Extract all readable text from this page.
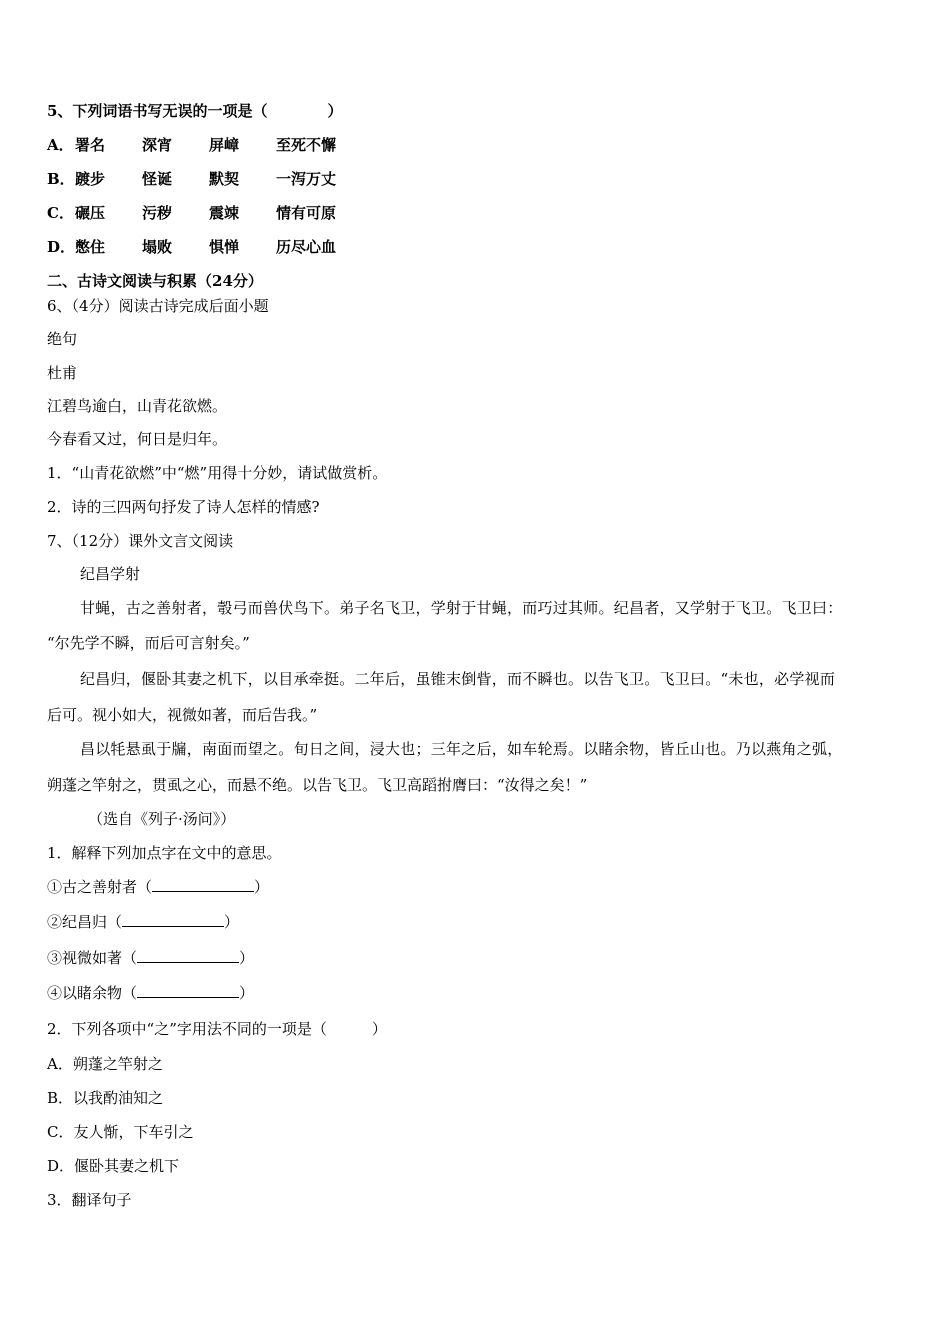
5、下列词语书写无误的一项是（　　　　）
A． 署名 深宵 屏嶂 至死不懈
B． 踱步 怪诞 默契 一泻万丈
C． 碾压 污秽 震竦 情有可原
D． 憋住 塌败 惧惮 历尽心血
二、古诗文阅读与积累（24分）
6、（4分）阅读古诗完成后面小题
绝句
杜甫
江碧鸟逾白，山青花欲燃。
今春看又过，何日是归年。
1．“山青花欲燃”中“燃”用得十分妙，请试做赏析。
2．诗的三四两句抒发了诗人怎样的情感?
7、（12分）课外文言文阅读
纪昌学射
甘蝇，古之善射者，彀弓而兽伏鸟下。弟子名飞卫，学射于甘蝇，而巧过其师。纪昌者，又学射于飞卫。飞卫曰：
“尔先学不瞬，而后可言射矣。”
纪昌归，偃卧其妻之机下，以目承牵挺。二年后，虽锥末倒眥，而不瞬也。以告飞卫。飞卫曰。“未也，必学视而
后可。视小如大，视微如著，而后告我。”
昌以牦悬虱于牖，南面而望之。旬日之间，浸大也；三年之后，如车轮焉。以睹余物，皆丘山也。乃以燕角之弧，
朔蓬之竿射之，贯虱之心，而悬不绝。以告飞卫。飞卫高蹈拊膺曰：“汝得之矣！”
（选自《列子·汤问》）
1．解释下列加点字在文中的意思。
①古之善射者（	）
②纪昌归（	）
③视微如著（	）
④以睹余物（	）
2．下列各项中“之”字用法不同的一项是（　　　）
A．朔蓬之竿射之
B．以我酌油知之
C．友人惭，下车引之
D．偃卧其妻之机下
3．翻译句子
